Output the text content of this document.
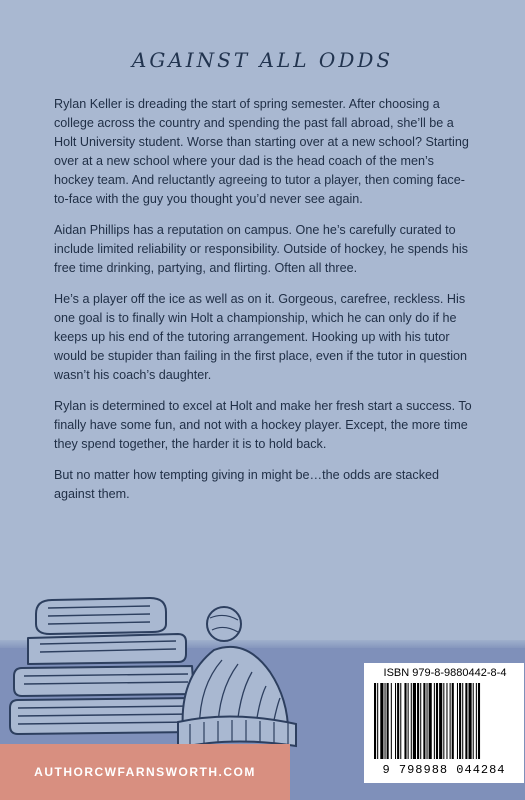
AGAINST ALL ODDS

Rylan Keller is dreading the start of spring semester. After choosing a college across the country and spending the past fall abroad, she’ll be a Holt University student. Worse than starting over at a new school? Starting over at a new school where your dad is the head coach of the men’s hockey team. And reluctantly agreeing to tutor a player, then coming face-to-face with the guy you thought you’d never see again.

Aidan Phillips has a reputation on campus. One he’s carefully curated to include limited reliability or responsibility. Outside of hockey, he spends his free time drinking, partying, and flirting. Often all three.

He’s a player off the ice as well as on it. Gorgeous, carefree, reckless. His one goal is to finally win Holt a championship, which he can only do if he keeps up his end of the tutoring arrangement. Hooking up with his tutor would be stupider than failing in the first place, even if the tutor in question wasn’t his coach’s daughter.

Rylan is determined to excel at Holt and make her fresh start a success. To finally have some fun, and not with a hockey player. Except, the more time they spend together, the harder it is to hold back.

But no matter how tempting giving in might be…the odds are stacked against them.

ISBN 979-8-9880442-8-4
9 798988 044284
AUTHORCWFARNSWORTH.COM
